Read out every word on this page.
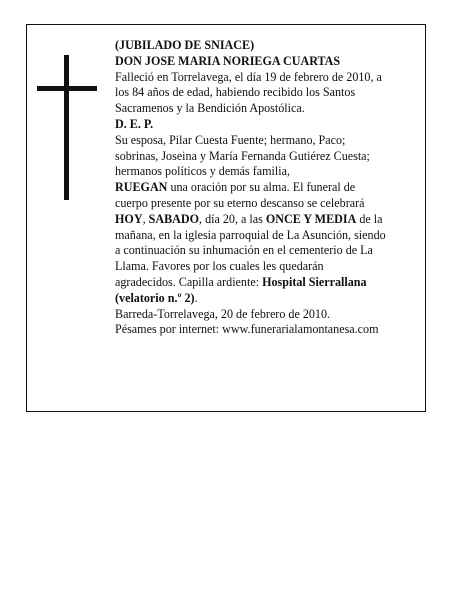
(JUBILADO DE SNIACE)
DON JOSE MARIA NORIEGA CUARTAS
Falleció en Torrelavega, el día 19 de febrero de 2010, a
los 84 años de edad, habiendo recibido los Santos
Sacramenos y la Bendición Apostólica.
D. E. P.
Su esposa, Pilar Cuesta Fuente; hermano, Paco;
sobrinas, Joseina y María Fernanda Gutiérez Cuesta;
hermanos políticos y demás familia,
RUEGAN una oración por su alma. El funeral de
cuerpo presente por su eterno descanso se celebrará
HOY, SABADO, día 20, a las ONCE Y MEDIA de la
mañana, en la iglesia parroquial de La Asunción, siendo
a continuación su inhumación en el cementerio de La
Llama. Favores por los cuales les quedarán
agradecidos. Capilla ardiente: Hospital Sierrallana
(velatorio n.º 2).
Barreda-Torrelavega, 20 de febrero de 2010.
Pésames por internet: www.funerarialamontanesa.com
